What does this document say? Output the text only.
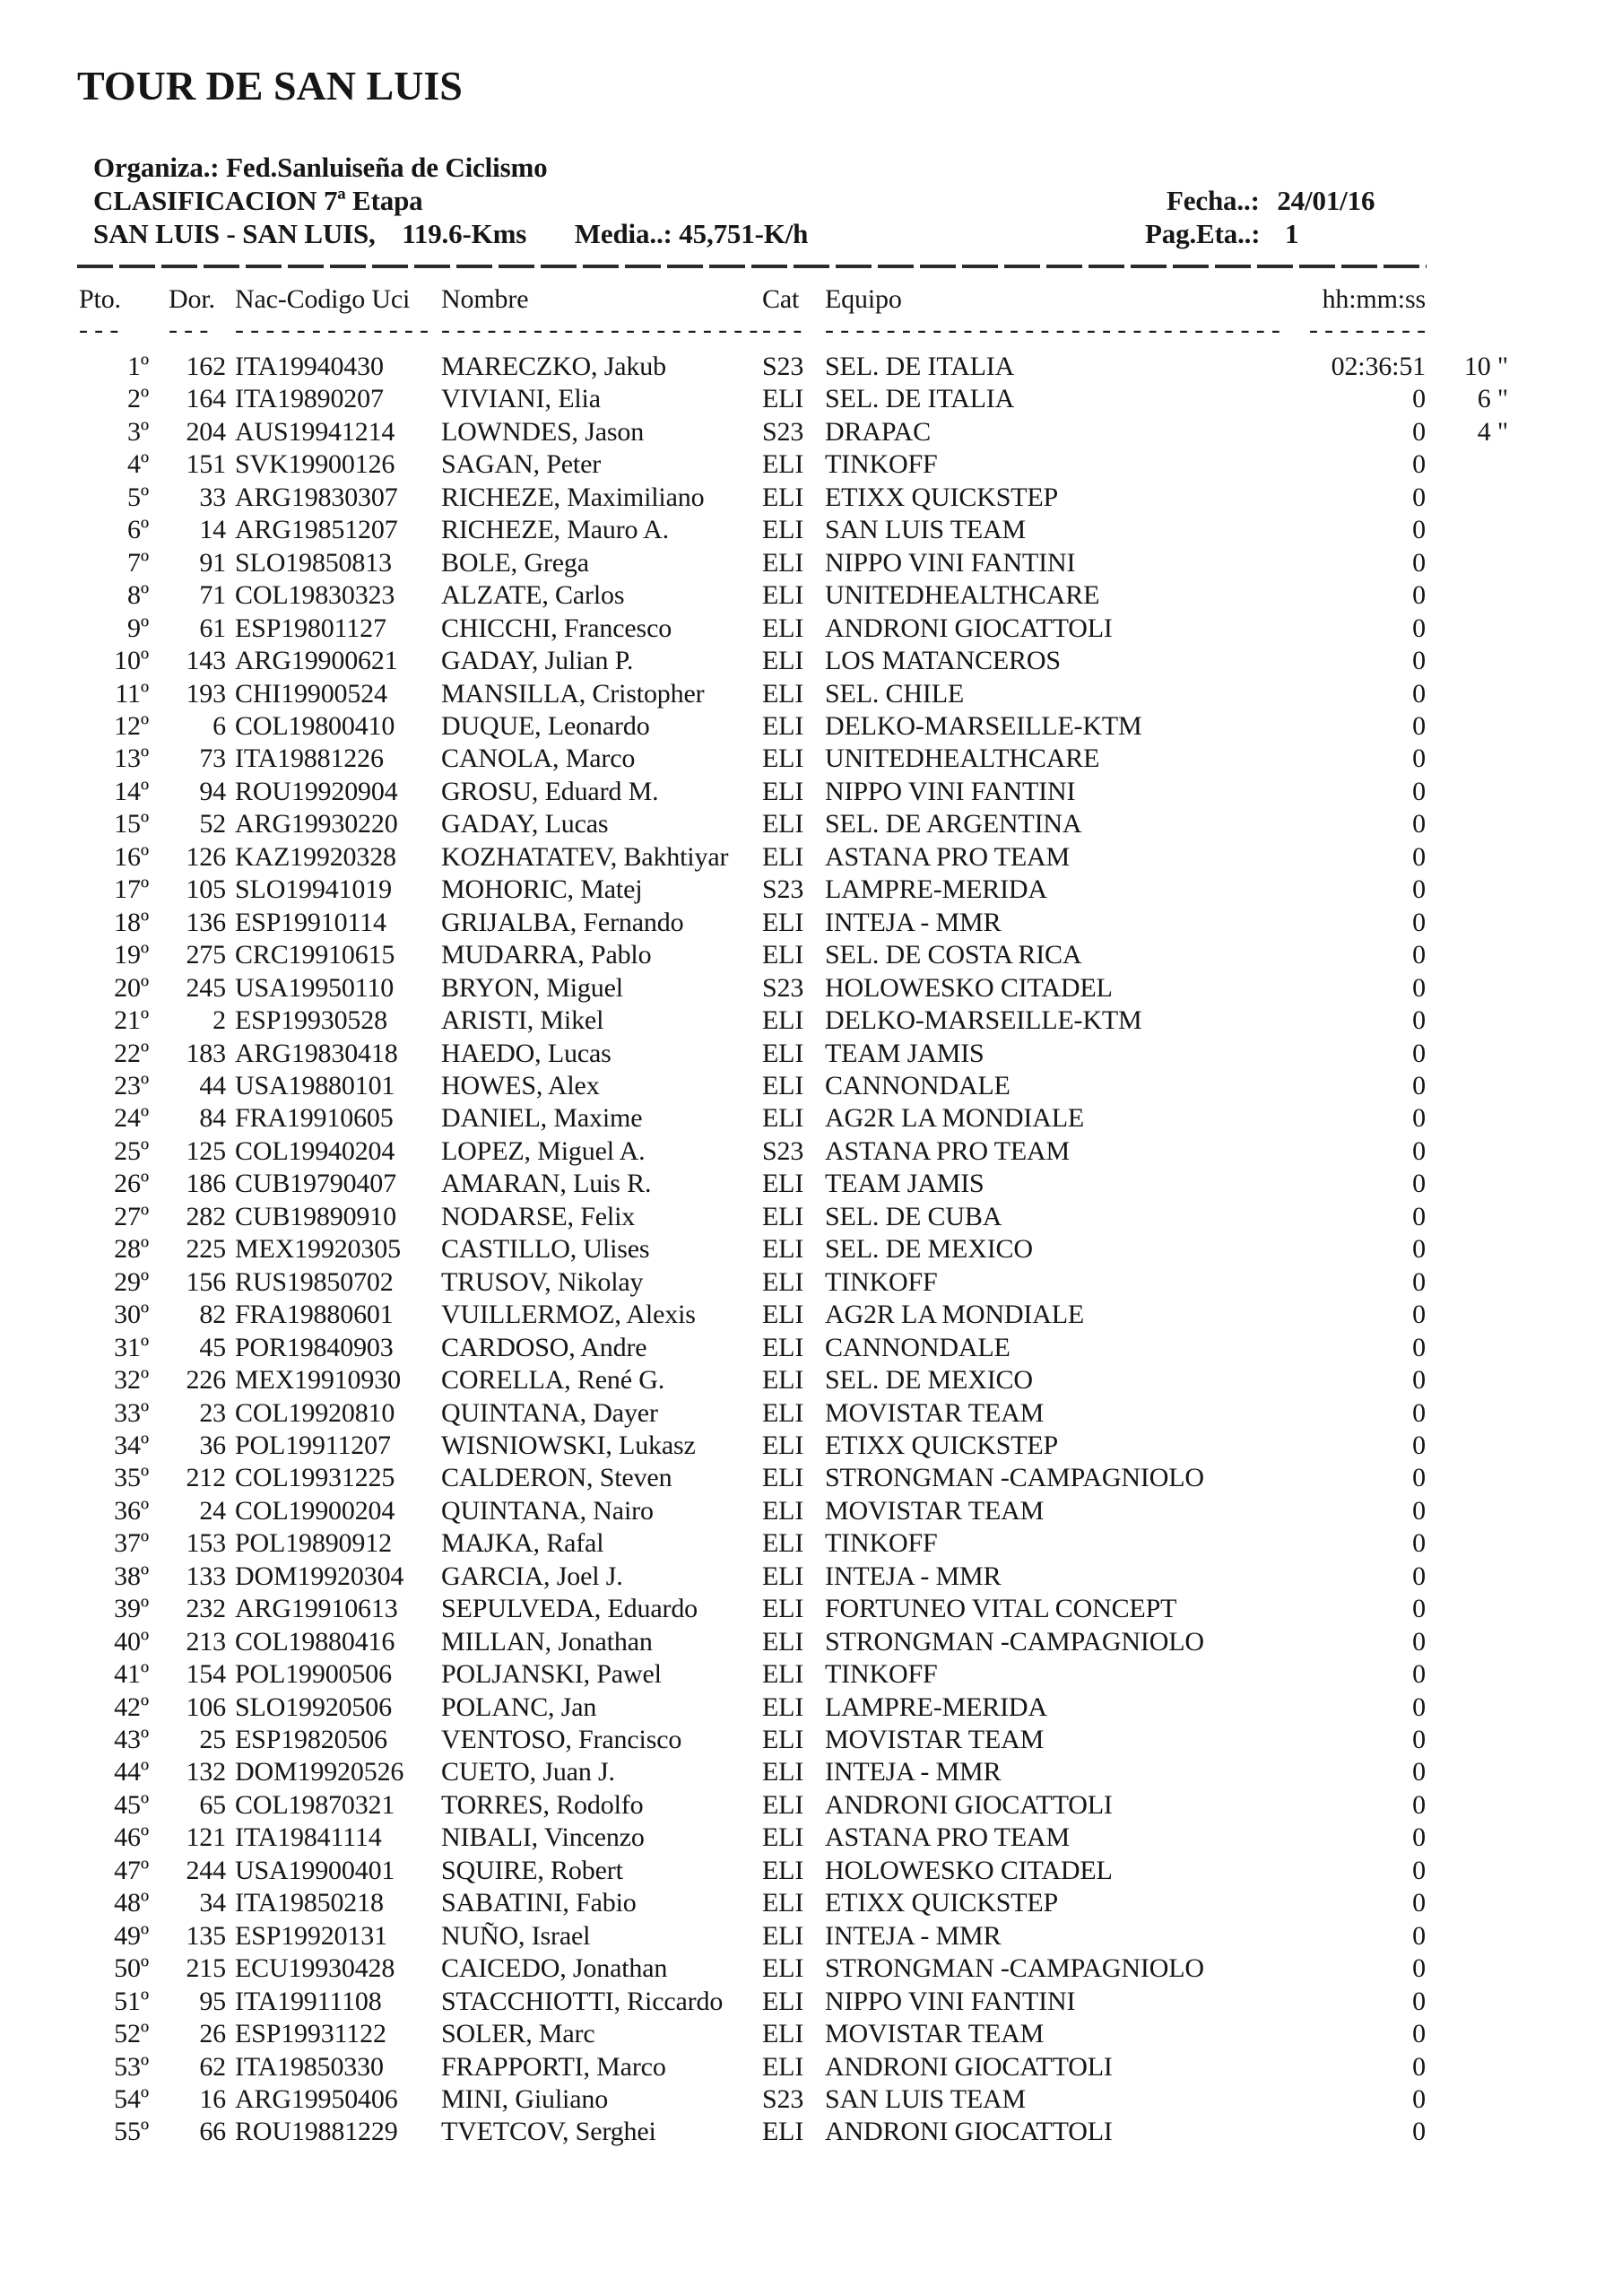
TOUR DE SAN LUIS
Organiza.: Fed.Sanluiseña de Ciclismo
CLASIFICACION 7ª Etapa
SAN LUIS - SAN LUIS, 119.6-Kms Media..: 45,751-K/h
Fecha..: 24/01/16
Pag.Eta..: 1
Pto.	Dor.	Nac-Codigo Uci	Nombre	Cat	Equipo	hh:mm:ss	
- - -	- - -	- - - - - - - - - - - - -	- - - - - - - - - - - - - - - - - - - - -	- - -	- - - - - - - - - - - - - - - - - - - - - - - - - - - - - -	- - - - - - - -	
1º	162	ITA19940430	MARECZKO, Jakub	S23	SEL. DE ITALIA	02:36:51	10 "
2º	164	ITA19890207	VIVIANI, Elia	ELI	SEL. DE ITALIA	0	6 "
3º	204	AUS19941214	LOWNDES, Jason	S23	DRAPAC	0	4 "
4º	151	SVK19900126	SAGAN, Peter	ELI	TINKOFF	0	
5º	33	ARG19830307	RICHEZE, Maximiliano	ELI	ETIXX QUICKSTEP	0	
6º	14	ARG19851207	RICHEZE, Mauro A.	ELI	SAN LUIS TEAM	0	
7º	91	SLO19850813	BOLE, Grega	ELI	NIPPO VINI FANTINI	0	
8º	71	COL19830323	ALZATE, Carlos	ELI	UNITEDHEALTHCARE	0	
9º	61	ESP19801127	CHICCHI, Francesco	ELI	ANDRONI GIOCATTOLI	0	
10º	143	ARG19900621	GADAY, Julian P.	ELI	LOS MATANCEROS	0	
11º	193	CHI19900524	MANSILLA, Cristopher	ELI	SEL. CHILE	0	
12º	6	COL19800410	DUQUE, Leonardo	ELI	DELKO-MARSEILLE-KTM	0	
13º	73	ITA19881226	CANOLA, Marco	ELI	UNITEDHEALTHCARE	0	
14º	94	ROU19920904	GROSU, Eduard M.	ELI	NIPPO VINI FANTINI	0	
15º	52	ARG19930220	GADAY, Lucas	ELI	SEL. DE ARGENTINA	0	
16º	126	KAZ19920328	KOZHATATEV, Bakhtiyar	ELI	ASTANA PRO TEAM	0	
17º	105	SLO19941019	MOHORIC, Matej	S23	LAMPRE-MERIDA	0	
18º	136	ESP19910114	GRIJALBA, Fernando	ELI	INTEJA - MMR	0	
19º	275	CRC19910615	MUDARRA, Pablo	ELI	SEL. DE COSTA RICA	0	
20º	245	USA19950110	BRYON, Miguel	S23	HOLOWESKO CITADEL	0	
21º	2	ESP19930528	ARISTI, Mikel	ELI	DELKO-MARSEILLE-KTM	0	
22º	183	ARG19830418	HAEDO, Lucas	ELI	TEAM JAMIS	0	
23º	44	USA19880101	HOWES, Alex	ELI	CANNONDALE	0	
24º	84	FRA19910605	DANIEL, Maxime	ELI	AG2R LA MONDIALE	0	
25º	125	COL19940204	LOPEZ, Miguel A.	S23	ASTANA PRO TEAM	0	
26º	186	CUB19790407	AMARAN, Luis R.	ELI	TEAM JAMIS	0	
27º	282	CUB19890910	NODARSE, Felix	ELI	SEL. DE CUBA	0	
28º	225	MEX19920305	CASTILLO, Ulises	ELI	SEL. DE MEXICO	0	
29º	156	RUS19850702	TRUSOV, Nikolay	ELI	TINKOFF	0	
30º	82	FRA19880601	VUILLERMOZ, Alexis	ELI	AG2R LA MONDIALE	0	
31º	45	POR19840903	CARDOSO, Andre	ELI	CANNONDALE	0	
32º	226	MEX19910930	CORELLA, René G.	ELI	SEL. DE MEXICO	0	
33º	23	COL19920810	QUINTANA, Dayer	ELI	MOVISTAR TEAM	0	
34º	36	POL19911207	WISNIOWSKI, Lukasz	ELI	ETIXX QUICKSTEP	0	
35º	212	COL19931225	CALDERON, Steven	ELI	STRONGMAN -CAMPAGNIOLO	0	
36º	24	COL19900204	QUINTANA, Nairo	ELI	MOVISTAR TEAM	0	
37º	153	POL19890912	MAJKA, Rafal	ELI	TINKOFF	0	
38º	133	DOM19920304	GARCIA, Joel J.	ELI	INTEJA - MMR	0	
39º	232	ARG19910613	SEPULVEDA, Eduardo	ELI	FORTUNEO VITAL CONCEPT	0	
40º	213	COL19880416	MILLAN, Jonathan	ELI	STRONGMAN -CAMPAGNIOLO	0	
41º	154	POL19900506	POLJANSKI, Pawel	ELI	TINKOFF	0	
42º	106	SLO19920506	POLANC, Jan	ELI	LAMPRE-MERIDA	0	
43º	25	ESP19820506	VENTOSO, Francisco	ELI	MOVISTAR TEAM	0	
44º	132	DOM19920526	CUETO, Juan J.	ELI	INTEJA - MMR	0	
45º	65	COL19870321	TORRES, Rodolfo	ELI	ANDRONI GIOCATTOLI	0	
46º	121	ITA19841114	NIBALI, Vincenzo	ELI	ASTANA PRO TEAM	0	
47º	244	USA19900401	SQUIRE, Robert	ELI	HOLOWESKO CITADEL	0	
48º	34	ITA19850218	SABATINI, Fabio	ELI	ETIXX QUICKSTEP	0	
49º	135	ESP19920131	NUÑO, Israel	ELI	INTEJA - MMR	0	
50º	215	ECU19930428	CAICEDO, Jonathan	ELI	STRONGMAN -CAMPAGNIOLO	0	
51º	95	ITA19911108	STACCHIOTTI, Riccardo	ELI	NIPPO VINI FANTINI	0	
52º	26	ESP19931122	SOLER, Marc	ELI	MOVISTAR TEAM	0	
53º	62	ITA19850330	FRAPPORTI, Marco	ELI	ANDRONI GIOCATTOLI	0	
54º	16	ARG19950406	MINI, Giuliano	S23	SAN LUIS TEAM	0	
55º	66	ROU19881229	TVETCOV, Serghei	ELI	ANDRONI GIOCATTOLI	0	
